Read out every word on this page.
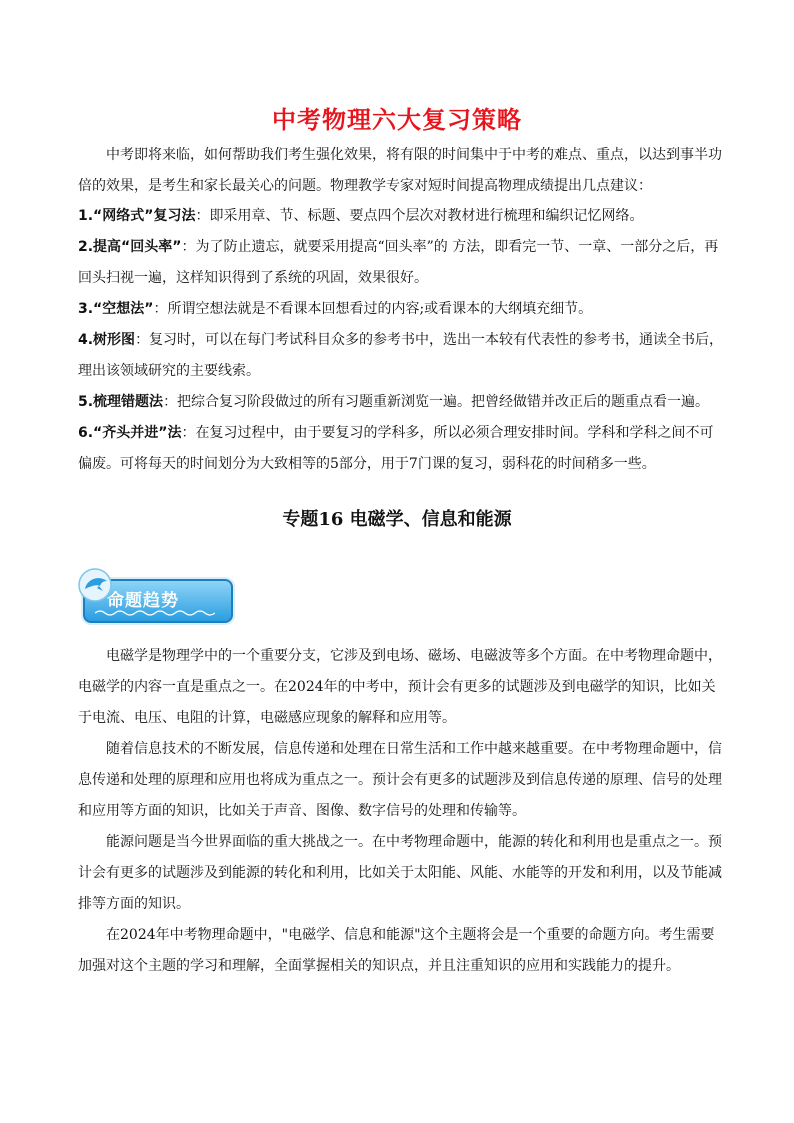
中考物理六大复习策略

中考即将来临，如何帮助我们考生强化效果，将有限的时间集中于中考的难点、重点，以达到事半功倍的效果，是考生和家长最关心的问题。物理教学专家对短时间提高物理成绩提出几点建议：

1.“网络式”复习法：即采用章、节、标题、要点四个层次对教材进行梳理和编织记忆网络。

2.提高“回头率”：为了防止遗忘，就要采用提高“回头率”的 方法，即看完一节、一章、一部分之后，再回头扫视一遍，这样知识得到了系统的巩固，效果很好。

3.“空想法”：所谓空想法就是不看课本回想看过的内容;或看课本的大纲填充细节。

4.树形图：复习时，可以在每门考试科目众多的参考书中，选出一本较有代表性的参考书，通读全书后，理出该领域研究的主要线索。

5.梳理错题法：把综合复习阶段做过的所有习题重新浏览一遍。把曾经做错并改正后的题重点看一遍。

6.“齐头并进”法：在复习过程中，由于要复习的学科多，所以必须合理安排时间。学科和学科之间不可偏废。可将每天的时间划分为大致相等的5部分，用于7门课的复习，弱科花的时间稍多一些。

专题16 电磁学、信息和能源
命题趋势

电磁学是物理学中的一个重要分支，它涉及到电场、磁场、电磁波等多个方面。在中考物理命题中，电磁学的内容一直是重点之一。在2024年的中考中，预计会有更多的试题涉及到电磁学的知识，比如关于电流、电压、电阻的计算，电磁感应现象的解释和应用等。

随着信息技术的不断发展，信息传递和处理在日常生活和工作中越来越重要。在中考物理命题中，信息传递和处理的原理和应用也将成为重点之一。预计会有更多的试题涉及到信息传递的原理、信号的处理和应用等方面的知识，比如关于声音、图像、数字信号的处理和传输等。

能源问题是当今世界面临的重大挑战之一。在中考物理命题中，能源的转化和利用也是重点之一。预计会有更多的试题涉及到能源的转化和利用，比如关于太阳能、风能、水能等的开发和利用，以及节能减排等方面的知识。

在2024年中考物理命题中，"电磁学、信息和能源"这个主题将会是一个重要的命题方向。考生需要加强对这个主题的学习和理解，全面掌握相关的知识点，并且注重知识的应用和实践能力的提升。
